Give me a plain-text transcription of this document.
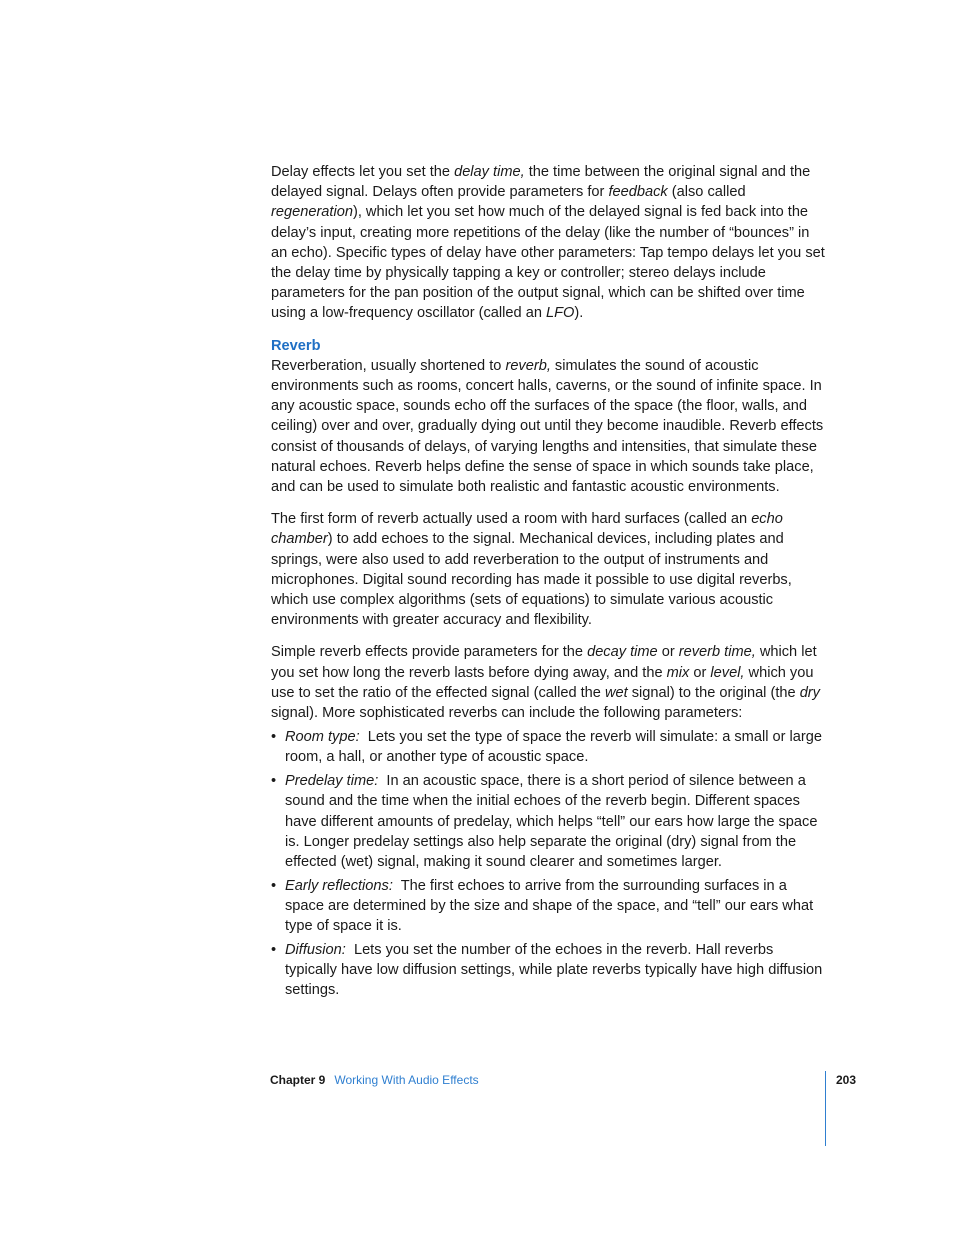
Delay effects let you set the delay time, the time between the original signal and the delayed signal. Delays often provide parameters for feedback (also called regeneration), which let you set how much of the delayed signal is fed back into the delay’s input, creating more repetitions of the delay (like the number of “bounces” in an echo). Specific types of delay have other parameters: Tap tempo delays let you set the delay time by physically tapping a key or controller; stereo delays include parameters for the pan position of the output signal, which can be shifted over time using a low-frequency oscillator (called an LFO).

Reverb

Reverberation, usually shortened to reverb, simulates the sound of acoustic environments such as rooms, concert halls, caverns, or the sound of infinite space. In any acoustic space, sounds echo off the surfaces of the space (the floor, walls, and ceiling) over and over, gradually dying out until they become inaudible. Reverb effects consist of thousands of delays, of varying lengths and intensities, that simulate these natural echoes. Reverb helps define the sense of space in which sounds take place, and can be used to simulate both realistic and fantastic acoustic environments.

The first form of reverb actually used a room with hard surfaces (called an echo chamber) to add echoes to the signal. Mechanical devices, including plates and springs, were also used to add reverberation to the output of instruments and microphones. Digital sound recording has made it possible to use digital reverbs, which use complex algorithms (sets of equations) to simulate various acoustic environments with greater accuracy and flexibility.

Simple reverb effects provide parameters for the decay time or reverb time, which let you set how long the reverb lasts before dying away, and the mix or level, which you use to set the ratio of the effected signal (called the wet signal) to the original (the dry signal). More sophisticated reverbs can include the following parameters:

• Room type:  Lets you set the type of space the reverb will simulate: a small or large room, a hall, or another type of acoustic space.
• Predelay time:  In an acoustic space, there is a short period of silence between a sound and the time when the initial echoes of the reverb begin. Different spaces have different amounts of predelay, which helps “tell” our ears how large the space is. Longer predelay settings also help separate the original (dry) signal from the effected (wet) signal, making it sound clearer and sometimes larger.
• Early reflections:  The first echoes to arrive from the surrounding surfaces in a space are determined by the size and shape of the space, and “tell” our ears what type of space it is.
• Diffusion:  Lets you set the number of the echoes in the reverb. Hall reverbs typically have low diffusion settings, while plate reverbs typically have high diffusion settings.
Chapter 9 Working With Audio Effects	203
